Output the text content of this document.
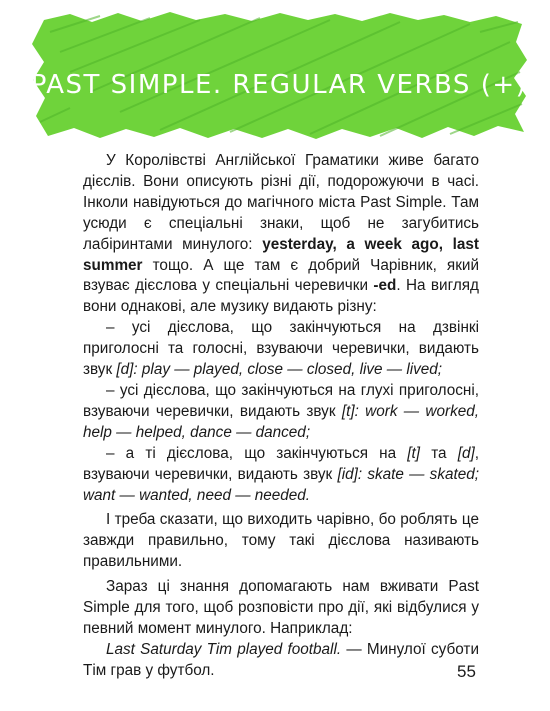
PAST SIMPLE. REGULAR VERBS (+)

У Королівстві Англійської Граматики живе багато дієслів. Вони описують різні дії, подорожуючи в часі. Інколи навідуються до магічного міста Past Simple. Там усюди є спеціальні знаки, щоб не загубитись лабіринтами минулого: yesterday, a week ago, last summer тощо. А ще там є добрий Чарівник, який взуває дієслова у спеціальні черевички -ed. На вигляд вони однакові, але музику видають різну:

– усі дієслова, що закінчуються на дзвінкі приголосні та голосні, взуваючи черевички, видають звук [d]: play — played, close — closed, live — lived;

– усі дієслова, що закінчуються на глухі приголосні, взуваючи черевички, видають звук [t]: work — worked, help — helped, dance — danced;

– а ті дієслова, що закінчуються на [t] та [d], взуваючи черевички, видають звук [id]: skate — skated; want — wanted, need — needed.

І треба сказати, що виходить чарівно, бо роблять це завжди правильно, тому такі дієслова називають правильними.

Зараз ці знання допомагають нам вживати Past Simple для того, щоб розповісти про дії, які відбулися у певний момент минулого. Наприклад:

Last Saturday Tim played football. — Минулої суботи Тім грав у футбол.	55
